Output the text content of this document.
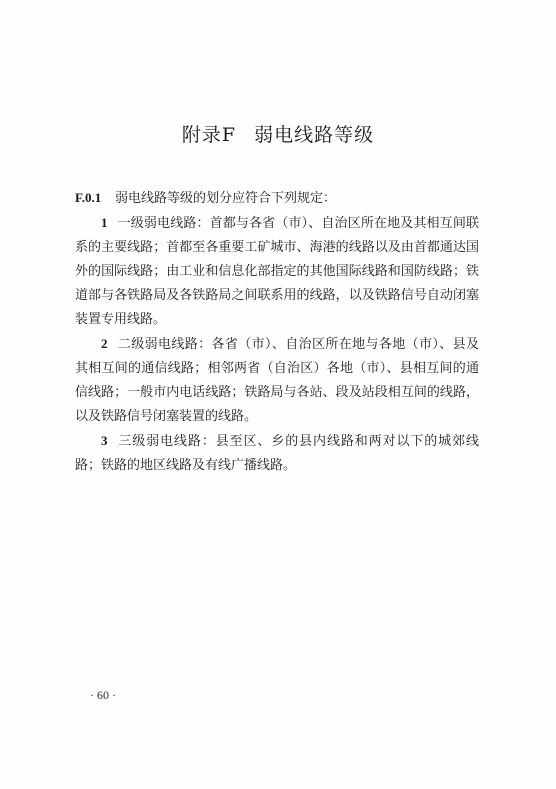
附录F 弱电线路等级

F.0.1 弱电线路等级的划分应符合下列规定：

1 一级弱电线路：首都与各省（市）、自治区所在地及其相互间联系的主要线路；首都至各重要工矿城市、海港的线路以及由首都通达国外的国际线路；由工业和信息化部指定的其他国际线路和国防线路；铁道部与各铁路局及各铁路局之间联系用的线路，以及铁路信号自动闭塞装置专用线路。

2 二级弱电线路：各省（市）、自治区所在地与各地（市）、县及其相互间的通信线路；相邻两省（自治区）各地（市）、县相互间的通信线路；一般市内电话线路；铁路局与各站、段及站段相互间的线路，以及铁路信号闭塞装置的线路。

3 三级弱电线路：县至区、乡的县内线路和两对以下的城郊线路；铁路的地区线路及有线广播线路。

· 60 ·
